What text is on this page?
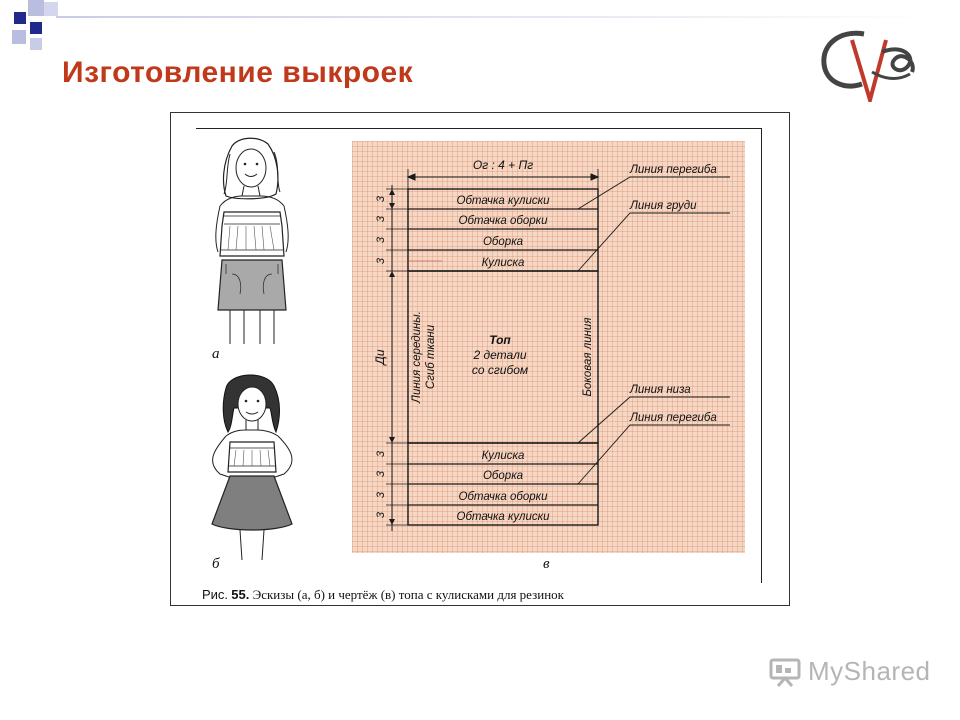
Изготовление выкроек
а
б	в
Ог : 4 + Пг
Обтачка кулиски
Обтачка оборки
Оборка
Кулиска
Кулиска
Оборка
Обтачка оборки
Обтачка кулиски
Топ
2 детали
со сгибом
Линия середины. Сгиб ткани	Боковая линия
Ди
3
3
3
3
3
3
3
3
Линия перегиба
Линия груди
Линия низа
Линия перегиба
Рис. 55. Эскизы (а, б) и чертёж (в) топа с кулисками для резинок
MyShared
